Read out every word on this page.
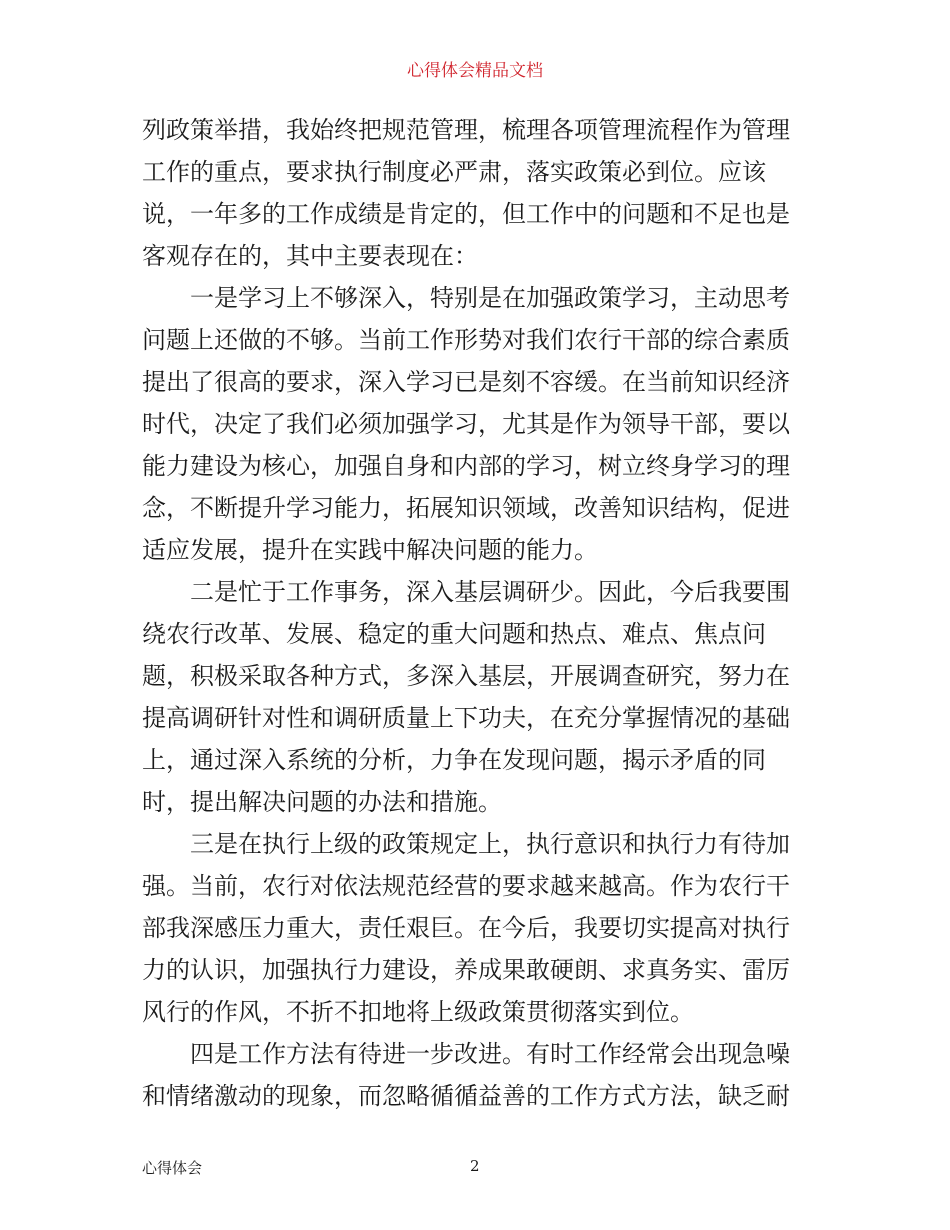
心得体会精品文档
列政策举措，我始终把规范管理，梳理各项管理流程作为管理
工作的重点，要求执行制度必严肃，落实政策必到位。应该
说，一年多的工作成绩是肯定的，但工作中的问题和不足也是
客观存在的，其中主要表现在：
一是学习上不够深入，特别是在加强政策学习，主动思考
问题上还做的不够。当前工作形势对我们农行干部的综合素质
提出了很高的要求，深入学习已是刻不容缓。在当前知识经济
时代，决定了我们必须加强学习，尤其是作为领导干部，要以
能力建设为核心，加强自身和内部的学习，树立终身学习的理
念，不断提升学习能力，拓展知识领域，改善知识结构，促进
适应发展，提升在实践中解决问题的能力。
二是忙于工作事务，深入基层调研少。因此，今后我要围
绕农行改革、发展、稳定的重大问题和热点、难点、焦点问
题，积极采取各种方式，多深入基层，开展调查研究，努力在
提高调研针对性和调研质量上下功夫，在充分掌握情况的基础
上，通过深入系统的分析，力争在发现问题，揭示矛盾的同
时，提出解决问题的办法和措施。
三是在执行上级的政策规定上，执行意识和执行力有待加
强。当前，农行对依法规范经营的要求越来越高。作为农行干
部我深感压力重大，责任艰巨。在今后，我要切实提高对执行
力的认识，加强执行力建设，养成果敢硬朗、求真务实、雷厉
风行的作风，不折不扣地将上级政策贯彻落实到位。
四是工作方法有待进一步改进。有时工作经常会出现急噪
和情绪激动的现象，而忽略循循益善的工作方式方法，缺乏耐
心得体会	2
